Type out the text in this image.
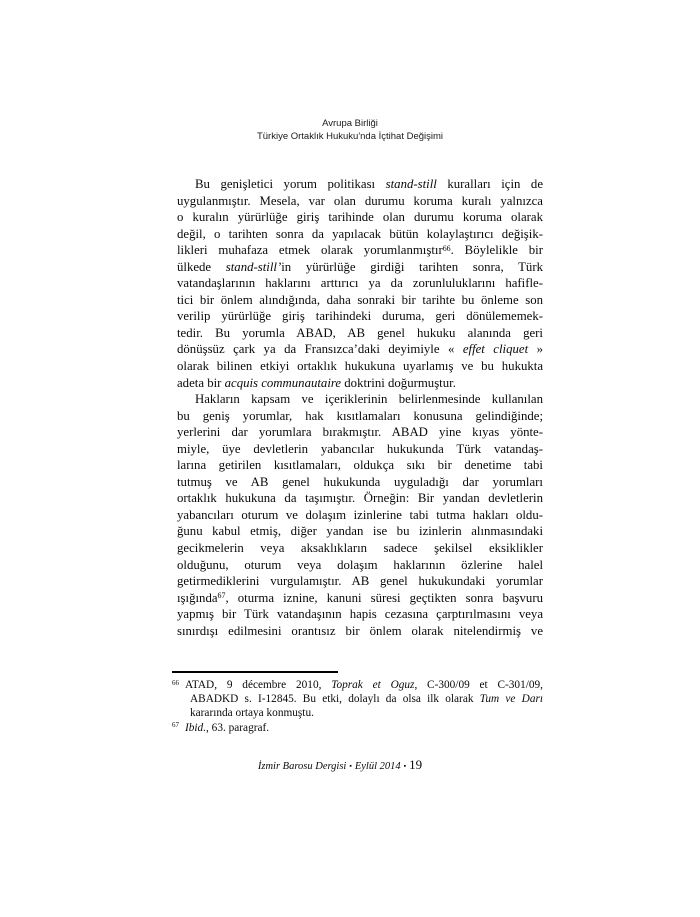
Avrupa Birliği
Türkiye Ortaklık Hukuku'nda İçtihat Değişimi
Bu genişletici yorum politikası stand-still kuralları için de
uygulanmıştır. Mesela, var olan durumu koruma kuralı yalnızca
o kuralın yürürlüğe giriş tarihinde olan durumu koruma olarak
değil, o tarihten sonra da yapılacak bütün kolaylaştırıcı değişik-
likleri muhafaza etmek olarak yorumlanmıştır$^{66}$. Böylelikle bir
ülkede stand-still’in yürürlüğe girdiği tarihten sonra, Türk
vatandaşlarının haklarını arttırıcı ya da zorunluluklarını hafifle-
tici bir önlem alındığında, daha sonraki bir tarihte bu önleme son
verilip yürürlüğe giriş tarihindeki duruma, geri dönülememek-
tedir. Bu yorumla ABAD, AB genel hukuku alanında geri
dönüşsüz çark ya da Fransızca’daki deyimiyle « effet cliquet »
olarak bilinen etkiyi ortaklık hukukuna uyarlamış ve bu hukukta
adeta bir acquis communautaire doktrini doğurmuştur.
Hakların kapsam ve içeriklerinin belirlenmesinde kullanılan
bu geniş yorumlar, hak kısıtlamaları konusuna gelindiğinde;
yerlerini dar yorumlara bırakmıştır. ABAD yine kıyas yönte-
miyle, üye devletlerin yabancılar hukukunda Türk vatandaş-
larına getirilen kısıtlamaları, oldukça sıkı bir denetime tabi
tutmuş ve AB genel hukukunda uyguladığı dar yorumları
ortaklık hukukuna da taşımıştır. Örneğin: Bir yandan devletlerin
yabancıları oturum ve dolaşım izinlerine tabi tutma hakları oldu-
ğunu kabul etmiş, diğer yandan ise bu izinlerin alınmasındaki
gecikmelerin veya aksaklıkların sadece şekilsel eksiklikler
olduğunu, oturum veya dolaşım haklarının özlerine halel
getirmediklerini vurgulamıştır. AB genel hukukundaki yorumlar
ışığında$^{67}$, oturma iznine, kanuni süresi geçtikten sonra başvuru
yapmış bir Türk vatandaşının hapis cezasına çarptırılmasını veya
sınırdışı edilmesini orantısız bir önlem olarak nitelendirmiş ve
$^{66}$ ATAD, 9 décembre 2010, Toprak et Oguz, C-300/09 et C-301/09,
ABADKD s. I-12845. Bu etki, dolaylı da olsa ilk olarak Tum ve Darı
kararında ortaya konmuştu.
$^{67}$ Ibid., 63. paragraf.
İzmir Barosu Dergisi ▪ Eylül 2014 ▪ 19
